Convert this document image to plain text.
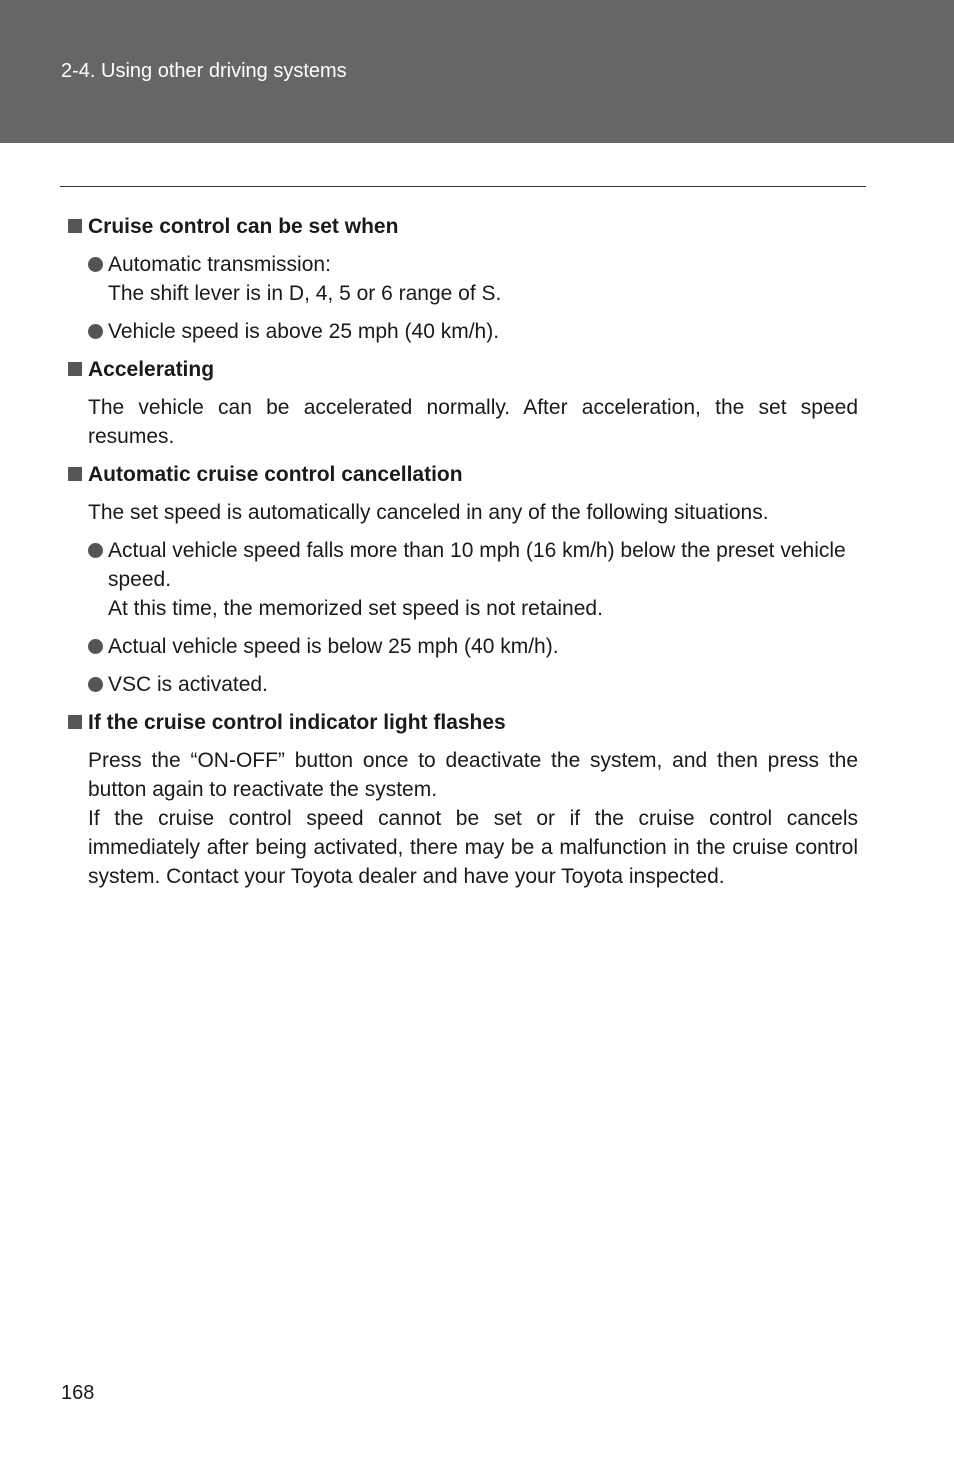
2-4. Using other driving systems
Cruise control can be set when
Automatic transmission:
The shift lever is in D, 4, 5 or 6 range of S.
Vehicle speed is above 25 mph (40 km/h).
Accelerating
The vehicle can be accelerated normally. After acceleration, the set speed resumes.
Automatic cruise control cancellation
The set speed is automatically canceled in any of the following situations.
Actual vehicle speed falls more than 10 mph (16 km/h) below the preset vehicle speed.
At this time, the memorized set speed is not retained.
Actual vehicle speed is below 25 mph (40 km/h).
VSC is activated.
If the cruise control indicator light flashes
Press the “ON-OFF” button once to deactivate the system, and then press the button again to reactivate the system.
If the cruise control speed cannot be set or if the cruise control cancels immediately after being activated, there may be a malfunction in the cruise control system. Contact your Toyota dealer and have your Toyota inspected.
168
